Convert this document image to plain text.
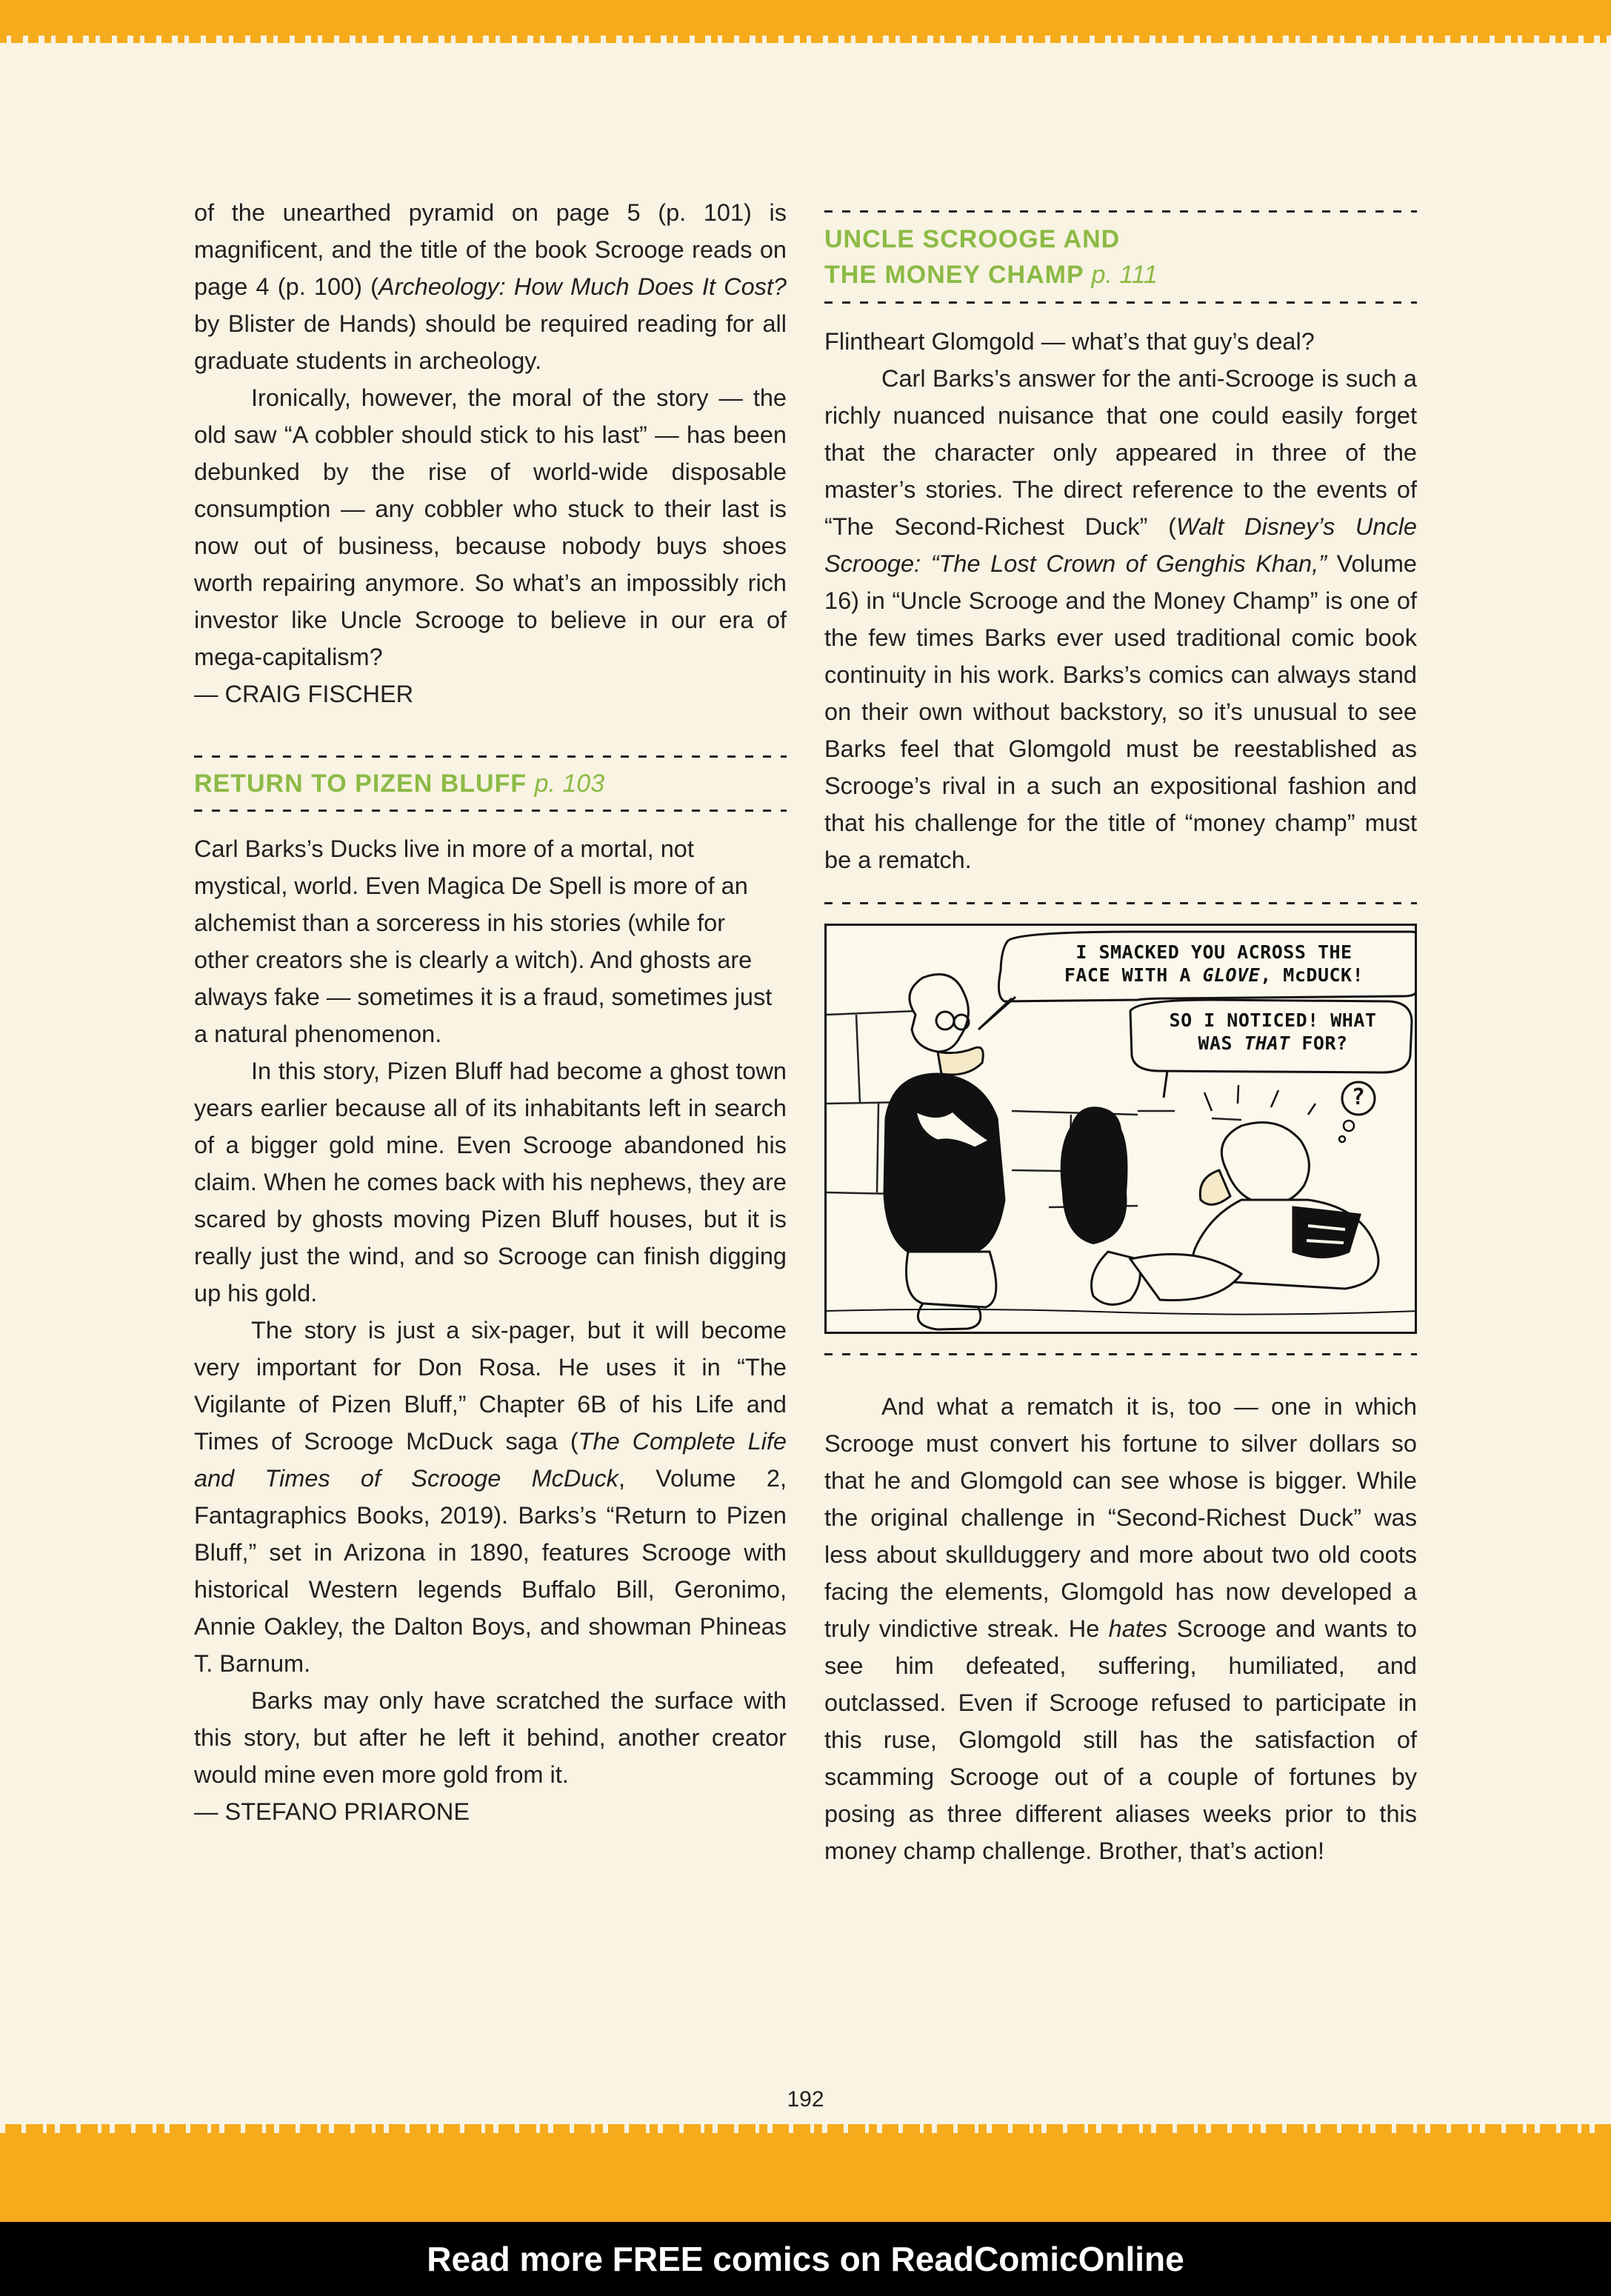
of the unearthed pyramid on page 5 (p. 101) is magnificent, and the title of the book Scrooge reads on page 4 (p. 100) (Archeology: How Much Does It Cost? by Blister de Hands) should be required reading for all graduate students in archeology.

Ironically, however, the moral of the story — the old saw “A cobbler should stick to his last” — has been debunked by the rise of world-wide disposable consumption — any cobbler who stuck to their last is now out of business, because nobody buys shoes worth repairing anymore. So what’s an impossibly rich investor like Uncle Scrooge to believe in our era of mega-capitalism?

— CRAIG FISCHER

RETURN TO PIZEN BLUFF p. 103

Carl Barks’s Ducks live in more of a mortal, not mystical, world. Even Magica De Spell is more of an alchemist than a sorceress in his stories (while for other creators she is clearly a witch). And ghosts are always fake — sometimes it is a fraud, sometimes just a natural phenomenon.

In this story, Pizen Bluff had become a ghost town years earlier because all of its inhabitants left in search of a bigger gold mine. Even Scrooge abandoned his claim. When he comes back with his nephews, they are scared by ghosts moving Pizen Bluff houses, but it is really just the wind, and so Scrooge can finish digging up his gold.

The story is just a six-pager, but it will become very important for Don Rosa. He uses it in “The Vigilante of Pizen Bluff,” Chapter 6B of his Life and Times of Scrooge McDuck saga (The Complete Life and Times of Scrooge McDuck, Volume 2, Fantagraphics Books, 2019). Barks’s “Return to Pizen Bluff,” set in Arizona in 1890, features Scrooge with historical Western legends Buffalo Bill, Geronimo, Annie Oakley, the Dalton Boys, and showman Phineas T. Barnum.

Barks may only have scratched the surface with this story, but after he left it behind, another creator would mine even more gold from it.

— STEFANO PRIARONE

UNCLE SCROOGE AND
THE MONEY CHAMP p. 111

Flintheart Glomgold — what’s that guy’s deal?

Carl Barks’s answer for the anti-Scrooge is such a richly nuanced nuisance that one could easily forget that the character only appeared in three of the master’s stories. The direct reference to the events of “The Second-Richest Duck” (Walt Disney’s Uncle Scrooge: “The Lost Crown of Genghis Khan,” Volume 16) in “Uncle Scrooge and the Money Champ” is one of the few times Barks ever used traditional comic book continuity in his work. Barks’s comics can always stand on their own without backstory, so it’s unusual to see Barks feel that Glomgold must be reestablished as Scrooge’s rival in a such an expositional fashion and that his challenge for the title of “money champ” must be a rematch.

I SMACKED YOU ACROSS THE
FACE WITH A GLOVE, McDUCK!
SO I NOTICED! WHAT
WAS THAT FOR?
?

And what a rematch it is, too — one in which Scrooge must convert his fortune to silver dollars so that he and Glomgold can see whose is bigger. While the original challenge in “Second-Richest Duck” was less about skullduggery and more about two old coots facing the elements, Glomgold has now developed a truly vindictive streak. He hates Scrooge and wants to see him defeated, suffering, humiliated, and outclassed. Even if Scrooge refused to participate in this ruse, Glomgold still has the satisfaction of scamming Scrooge out of a couple of fortunes by posing as three different aliases weeks prior to this money champ challenge. Brother, that’s action!

192
Read more FREE comics on ReadComicOnline
